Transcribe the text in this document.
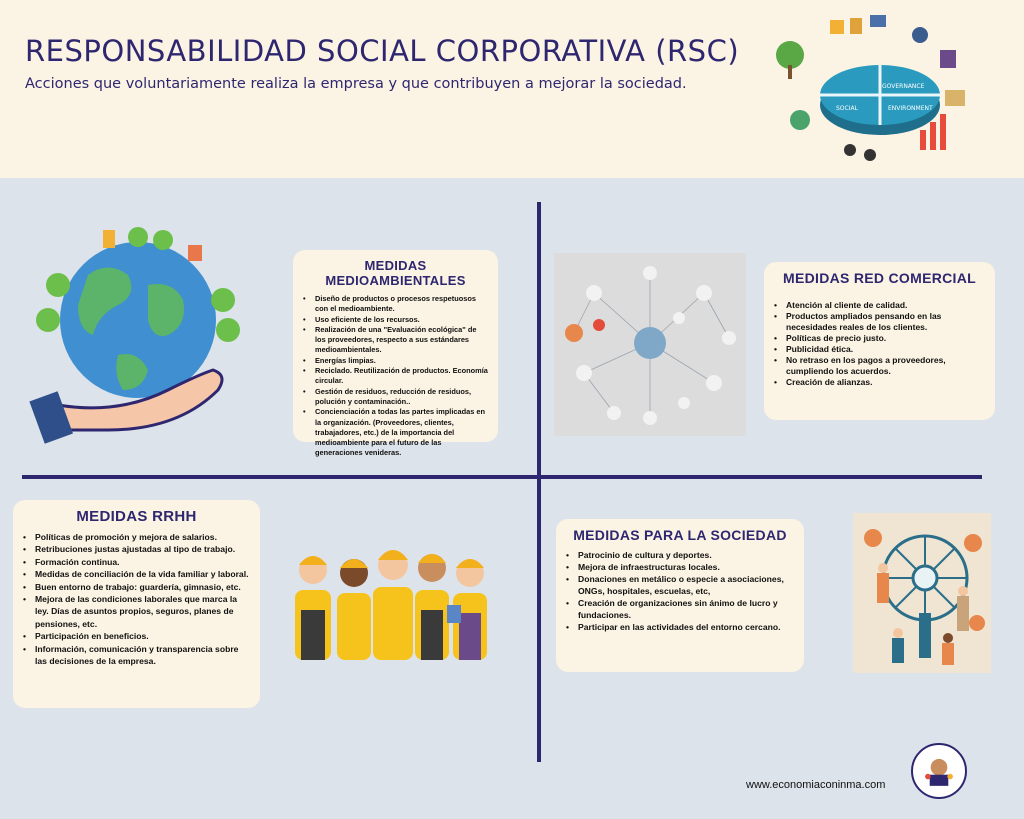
RESPONSABILIDAD SOCIAL CORPORATIVA (RSC)

Acciones que voluntariamente realiza la empresa y que contribuyen a mejorar la sociedad.	GOVERNANCE
SOCIAL	ENVIRONMENT
MEDIDAS MEDIOAMBIENTALES
• Diseño de productos o procesos respetuosos con el medioambiente.
• Uso eficiente de los recursos.
• Realización de una "Evaluación ecológica" de los proveedores, respecto a sus estándares medioambientales.
• Energías limpias.
• Reciclado. Reutilización de productos. Economía circular.
• Gestión de residuos, reducción de residuos, polución y contaminación..
• Concienciación a todas las partes implicadas en la organización. (Proveedores, clientes, trabajadores, etc.) de la importancia del medioambiente para el futuro de las generaciones venideras.
MEDIDAS RED COMERCIAL
• Atención al cliente de calidad.
• Productos ampliados pensando en las necesidades reales de los clientes.
• Políticas de precio justo.
• Publicidad ética.
• No retraso en los pagos a proveedores, cumpliendo los acuerdos.
• Creación de alianzas.
MEDIDAS RRHH
• Políticas de promoción y mejora de salarios.
• Retribuciones justas ajustadas al tipo de trabajo.
• Formación continua.
• Medidas de conciliación de la vida familiar y laboral.
• Buen entorno de trabajo: guardería, gimnasio, etc.
• Mejora de las condiciones laborales que marca la ley. Días de asuntos propios, seguros, planes de pensiones, etc.
• Participación en beneficios.
• Información, comunicación y transparencia sobre las decisiones de la empresa.
MEDIDAS PARA LA SOCIEDAD
• Patrocinio de cultura y deportes.
• Mejora de infraestructuras locales.
• Donaciones en metálico o especie a asociaciones, ONGs, hospitales, escuelas, etc,
• Creación de organizaciones sin ánimo de lucro y fundaciones.
• Participar en las actividades del entorno cercano.
www.economiaconinma.com
